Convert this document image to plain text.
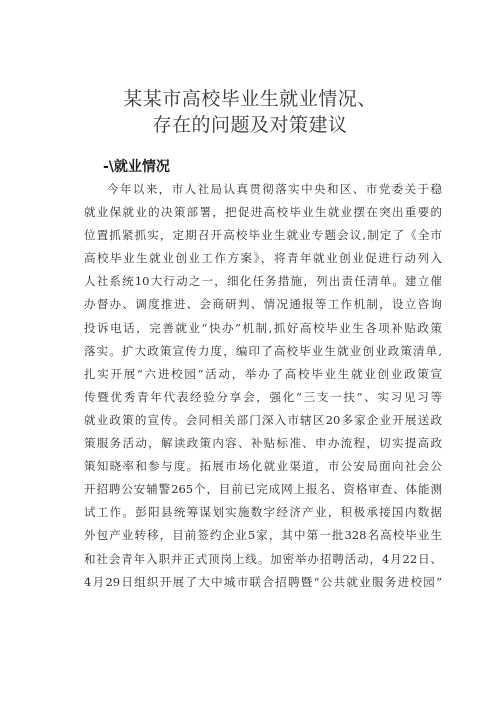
某某市高校毕业生就业情况、
存在的问题及对策建议
-\就业情况
今年以来，市人社局认真贯彻落实中央和区、市党委关于稳
就业保就业的决策部署，把促进高校毕业生就业摆在突出重要的
位置抓紧抓实，定期召开高校毕业生就业专题会议,制定了《全市
高校毕业生就业创业工作方案》，将青年就业创业促进行动列入
人社系统10大行动之一，细化任务措施，列出责任清单。建立催
办督办、调度推进、会商研判、情况通报等工作机制，设立咨询
投诉电话，完善就业“快办”机制,抓好高校毕业生各项补贴政策
落实。扩大政策宣传力度，编印了高校毕业生就业创业政策清单,
扎实开展“六进校园”活动，举办了高校毕业生就业创业政策宣
传暨优秀青年代表经验分享会，强化“三支一扶”、实习见习等
就业政策的宣传。会同相关部门深入市辖区20多家企业开展送政
策服务活动，解读政策内容、补贴标准、申办流程，切实提高政
策知晓率和参与度。拓展市场化就业渠道，市公安局面向社会公
开招聘公安辅警265个，目前已完成网上报名、资格审查、体能测
试工作。彭阳县统筹谋划实施数字经济产业，积极承接国内数据
外包产业转移，目前签约企业5家，其中第一批328名高校毕业生
和社会青年入职并正式顶岗上线。加密举办招聘活动，4月22日、
4月29日组织开展了大中城市联合招聘暨“公共就业服务进校园”
